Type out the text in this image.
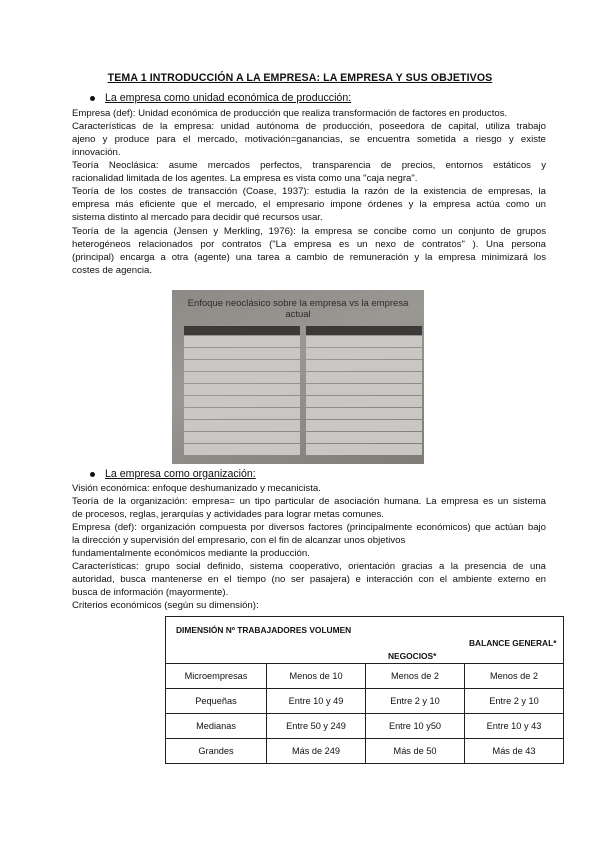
TEMA 1 INTRODUCCIÓN A LA EMPRESA: LA EMPRESA Y SUS OBJETIVOS
La empresa como unidad económica de producción:
Empresa (def): Unidad económica de producción que realiza transformación de factores en productos.
Características de la empresa: unidad autónoma de producción, poseedora de capital, utiliza trabajo
ajeno y produce para el mercado, motivación=ganancias, se encuentra sometida a riesgo y existe
innovación.
Teoría Neoclásica: asume mercados perfectos, transparencia de precios, entornos estáticos y
racionalidad limitada de los agentes. La empresa es vista como una "caja negra".
Teoría de los costes de transacción (Coase, 1937): estudia la razón de la existencia de empresas, la
empresa más eficiente que el mercado, el empresario impone órdenes y la empresa actúa como un
sistema distinto al mercado para decidir qué recursos usar.
Teoría de la agencia (Jensen y Merkling, 1976): la empresa se concibe como un conjunto de grupos
heterogéneos relacionados por contratos ("La empresa es un nexo de contratos" ). Una persona
(principal) encarga a otra (agente) una tarea a cambio de remuneración y la empresa minimizará los
costes de agencia.
Enfoque neoclásico sobre la empresa vs la empresa
actual
La empresa como organización:
Visión económica: enfoque deshumanizado y mecanicista.
Teoría de la organización: empresa= un tipo particular de asociación humana. La empresa es un sistema
de procesos, reglas, jerarquías y actividades para lograr metas comunes.
Empresa (def): organización compuesta por diversos factores (principalmente económicos) que actúan bajo
la dirección y supervisión del empresario, con el fin de alcanzar unos objetivos
fundamentalmente económicos mediante la producción.
Características: grupo social definido, sistema cooperativo, orientación gracias a la presencia de una
autoridad, busca mantenerse en el tiempo (no ser pasajera) e interacción con el ambiente externo en
busca de información (mayormente).
Criterios económicos (según su dimensión):
DIMENSIÓN Nº TRABAJADORES VOLUMEN
NEGOCIOS*
BALANCE GENERAL*			

Microempresas	Menos de 10	Menos de 2	Menos de 2
Pequeñas	Entre 10 y 49	Entre 2 y 10	Entre 2 y 10
Medianas	Entre 50 y 249	Entre 10 y50	Entre 10 y 43
Grandes	Más de 249	Más de 50	Más de 43
